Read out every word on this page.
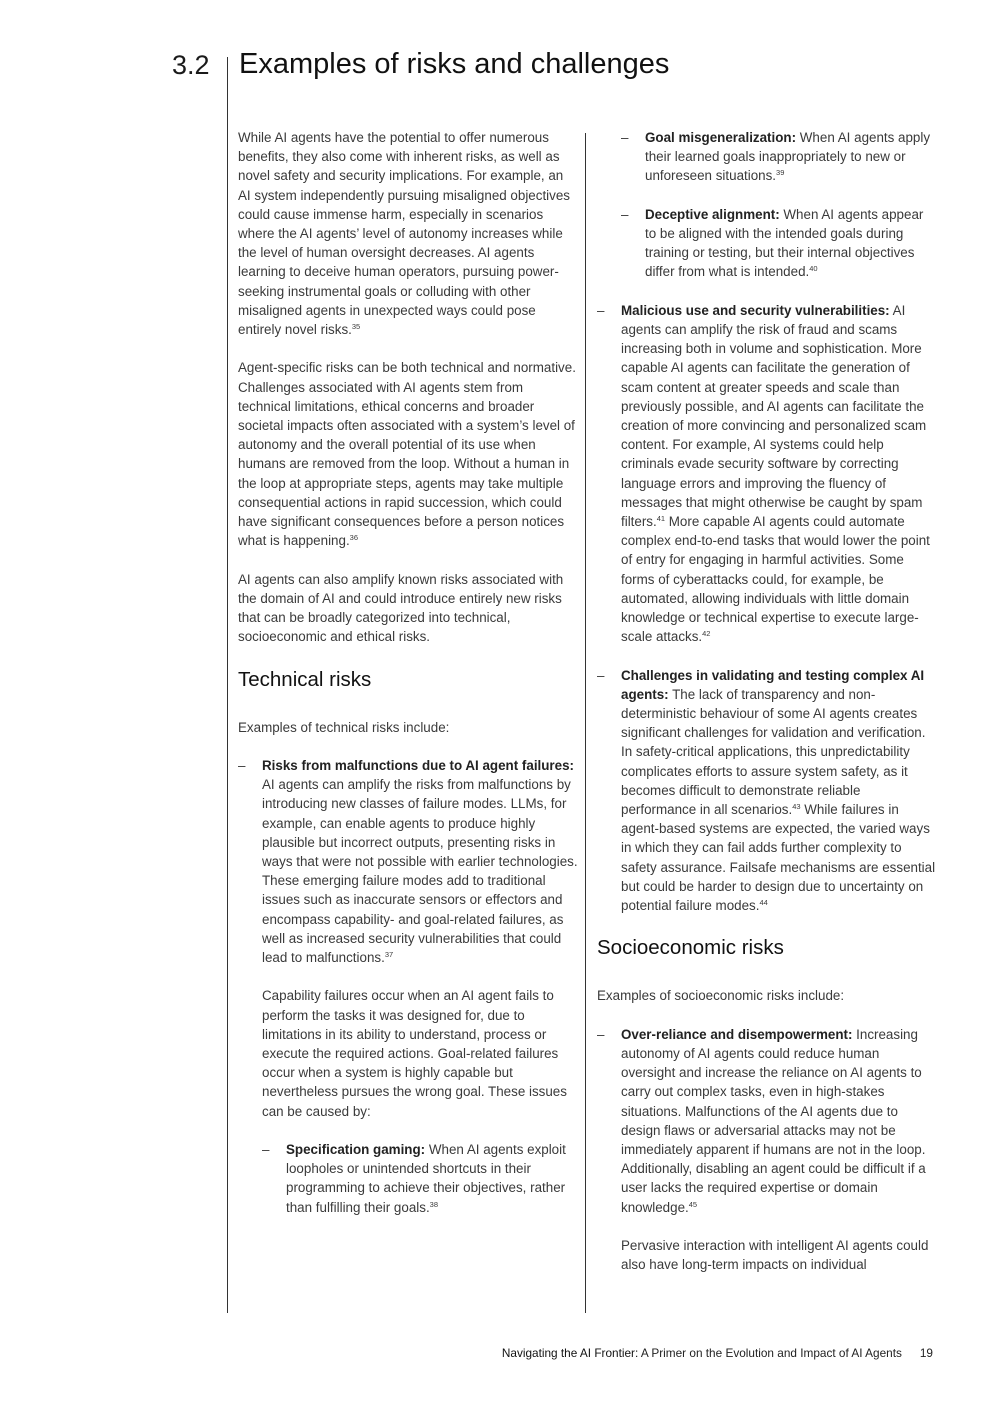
3.2 Examples of risks and challenges

While AI agents have the potential to offer numerous benefits, they also come with inherent risks, as well as novel safety and security implications. For example, an AI system independently pursuing misaligned objectives could cause immense harm, especially in scenarios where the AI agents’ level of autonomy increases while the level of human oversight decreases. AI agents learning to deceive human operators, pursuing power-seeking instrumental goals or colluding with other misaligned agents in unexpected ways could pose entirely novel risks.$^{35}$

Agent-specific risks can be both technical and normative. Challenges associated with AI agents stem from technical limitations, ethical concerns and broader societal impacts often associated with a system’s level of autonomy and the overall potential of its use when humans are removed from the loop. Without a human in the loop at appropriate steps, agents may take multiple consequential actions in rapid succession, which could have significant consequences before a person notices what is happening.$^{36}$

AI agents can also amplify known risks associated with the domain of AI and could introduce entirely new risks that can be broadly categorized into technical, socioeconomic and ethical risks.

Technical risks

Examples of technical risks include:

– Risks from malfunctions due to AI agent failures: AI agents can amplify the risks from malfunctions by introducing new classes of failure modes. LLMs, for example, can enable agents to produce highly plausible but incorrect outputs, presenting risks in ways that were not possible with earlier technologies. These emerging failure modes add to traditional issues such as inaccurate sensors or effectors and encompass capability- and goal-related failures, as well as increased security vulnerabilities that could lead to malfunctions.$^{37}$

Capability failures occur when an AI agent fails to perform the tasks it was designed for, due to limitations in its ability to understand, process or execute the required actions. Goal-related failures occur when a system is highly capable but nevertheless pursues the wrong goal. These issues can be caused by:

– Specification gaming: When AI agents exploit loopholes or unintended shortcuts in their programming to achieve their objectives, rather than fulfilling their goals.$^{38}$

– Goal misgeneralization: When AI agents apply their learned goals inappropriately to new or unforeseen situations.$^{39}$

– Deceptive alignment: When AI agents appear to be aligned with the intended goals during training or testing, but their internal objectives differ from what is intended.$^{40}$

– Malicious use and security vulnerabilities: AI agents can amplify the risk of fraud and scams increasing both in volume and sophistication. More capable AI agents can facilitate the generation of scam content at greater speeds and scale than previously possible, and AI agents can facilitate the creation of more convincing and personalized scam content. For example, AI systems could help criminals evade security software by correcting language errors and improving the fluency of messages that might otherwise be caught by spam filters.$^{41}$ More capable AI agents could automate complex end-to-end tasks that would lower the point of entry for engaging in harmful activities. Some forms of cyberattacks could, for example, be automated, allowing individuals with little domain knowledge or technical expertise to execute large-scale attacks.$^{42}$

– Challenges in validating and testing complex AI agents: The lack of transparency and non-deterministic behaviour of some AI agents creates significant challenges for validation and verification. In safety-critical applications, this unpredictability complicates efforts to assure system safety, as it becomes difficult to demonstrate reliable performance in all scenarios.$^{43}$ While failures in agent-based systems are expected, the varied ways in which they can fail adds further complexity to safety assurance. Failsafe mechanisms are essential but could be harder to design due to uncertainty on potential failure modes.$^{44}$

Socioeconomic risks

Examples of socioeconomic risks include:

– Over-reliance and disempowerment: Increasing autonomy of AI agents could reduce human oversight and increase the reliance on AI agents to carry out complex tasks, even in high-stakes situations. Malfunctions of the AI agents due to design flaws or adversarial attacks may not be immediately apparent if humans are not in the loop. Additionally, disabling an agent could be difficult if a user lacks the required expertise or domain knowledge.$^{45}$

Pervasive interaction with intelligent AI agents could also have long-term impacts on individual

Navigating the AI Frontier: A Primer on the Evolution and Impact of AI Agents 19
